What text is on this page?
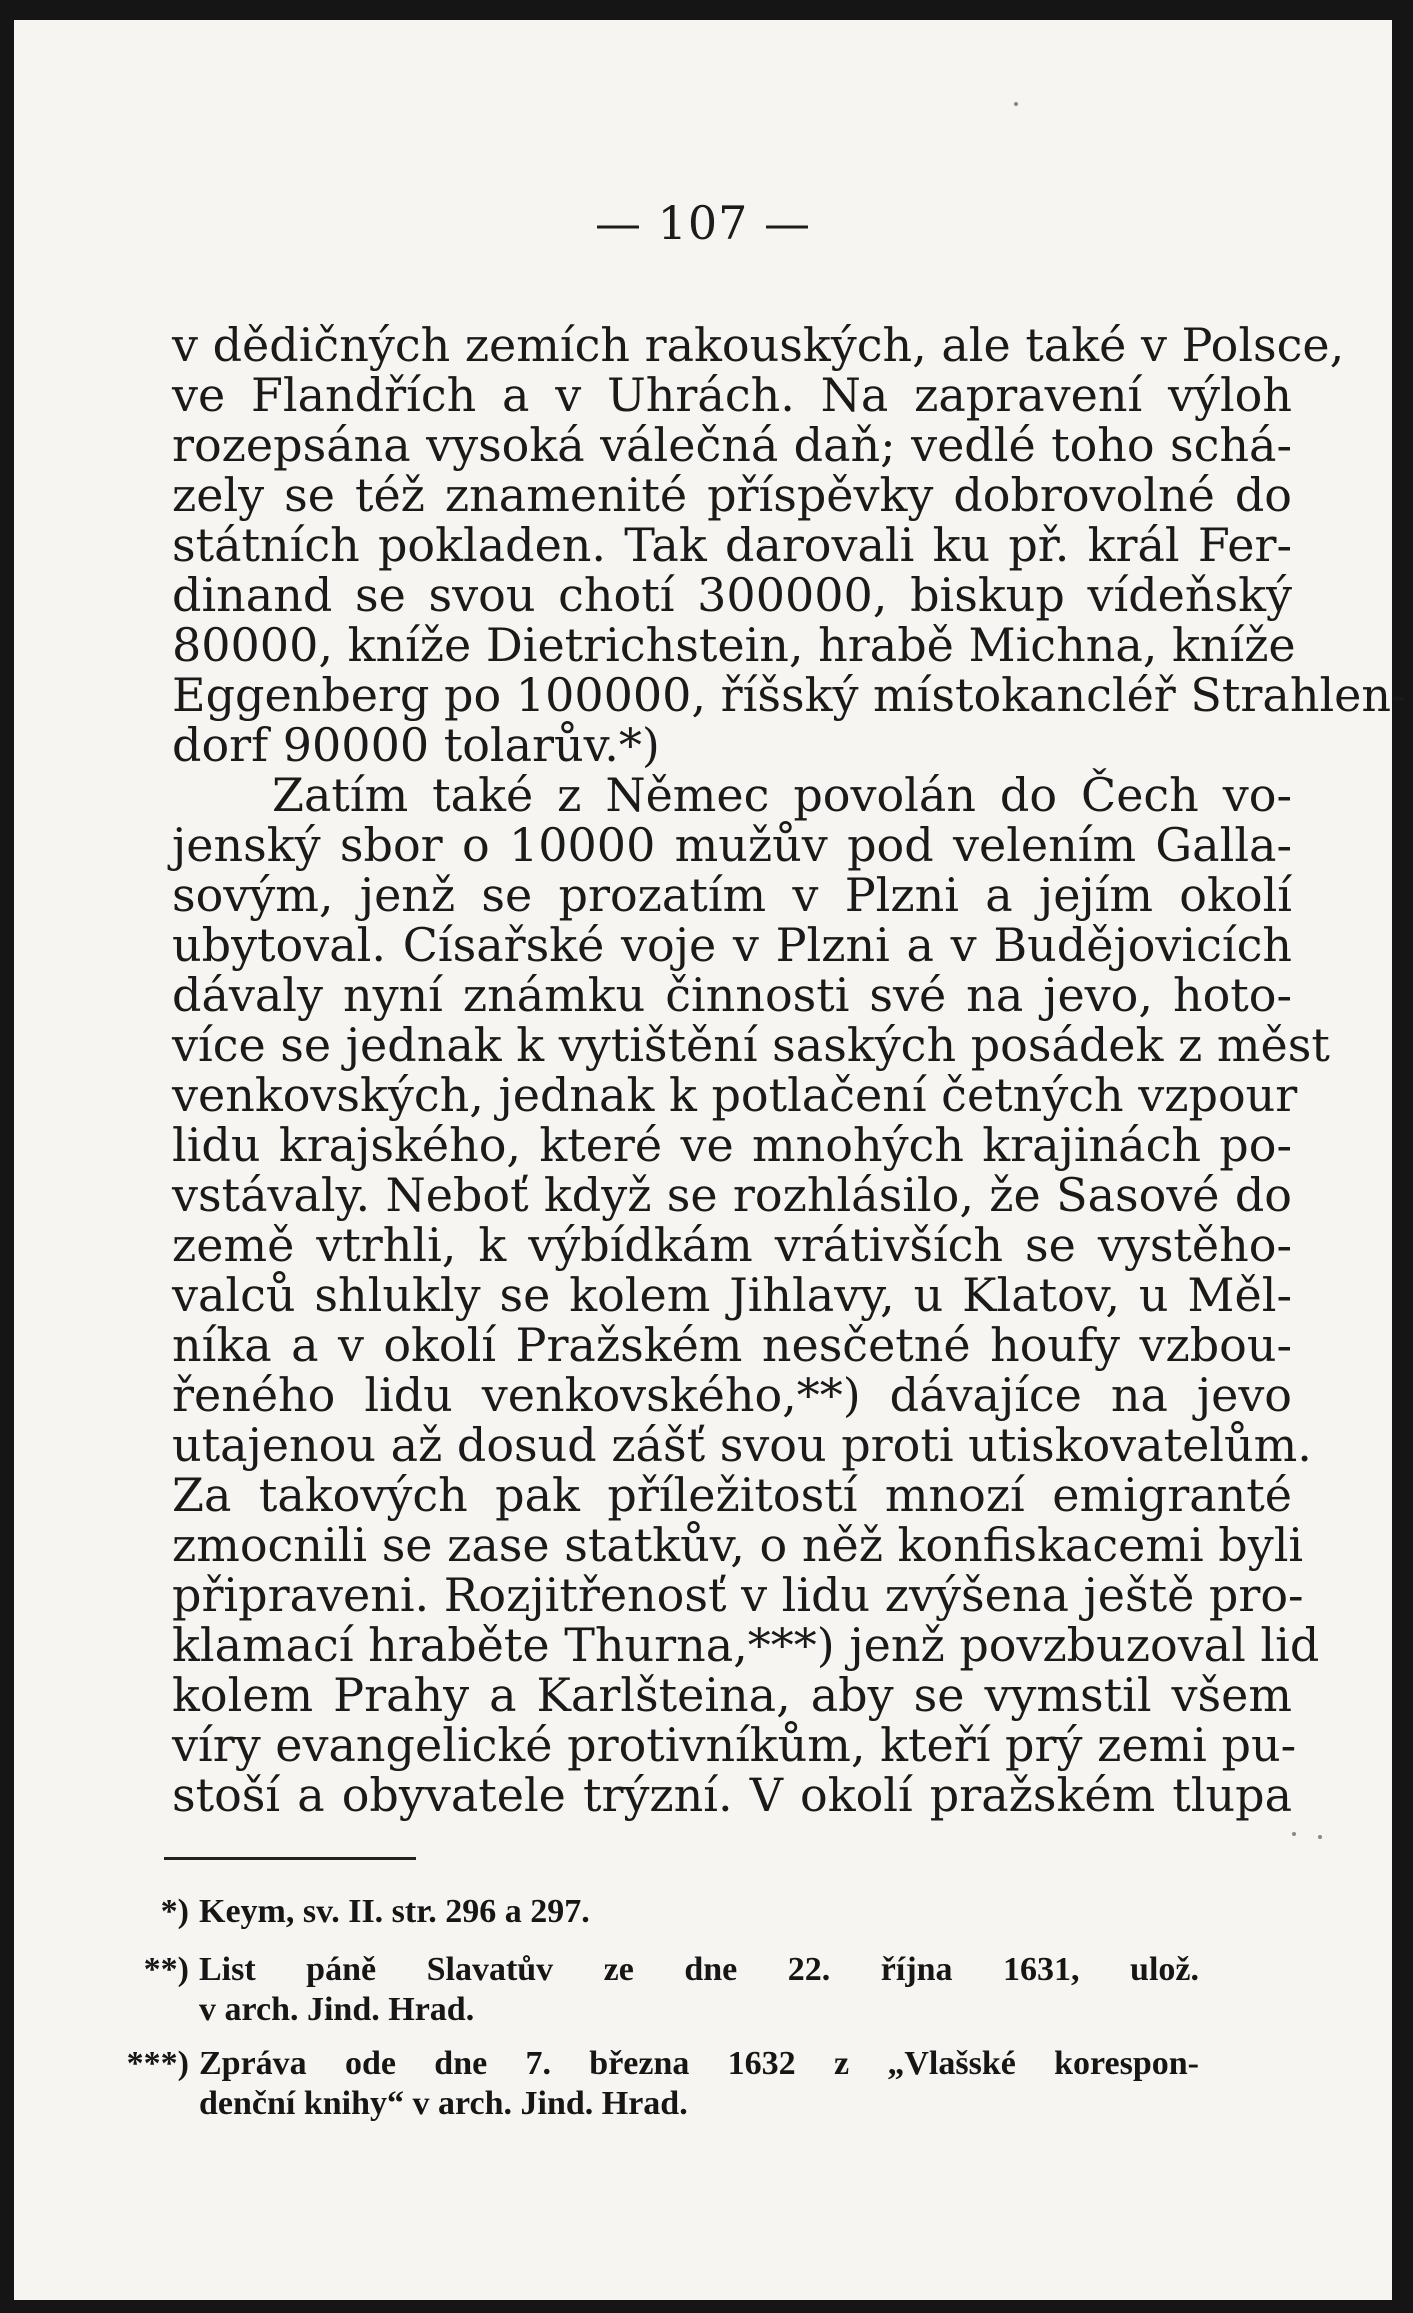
— 107 —
v dědičných zemích rakouských, ale také v Polsce,
ve Flandřích a v Uhrách. Na zapravení výloh
rozepsána vysoká válečná daň; vedlé toho schá-
zely se též znamenité příspěvky dobrovolné do
státních pokladen. Tak darovali ku př. král Fer-
dinand se svou chotí 300000, biskup vídeňský
80000, kníže Dietrichstein, hrabě Michna, kníže
Eggenberg po 100000, říšský místokancléř Strahlen-
dorf 90000 tolarův.*)
Zatím také z Němec povolán do Čech vo-
jenský sbor o 10000 mužův pod velením Galla-
sovým, jenž se prozatím v Plzni a jejím okolí
ubytoval. Císařské voje v Plzni a v Budějovicích
dávaly nyní známku činnosti své na jevo, hoto-
více se jednak k vytištění saských posádek z měst
venkovských, jednak k potlačení četných vzpour
lidu krajského, které ve mnohých krajinách po-
vstávaly. Neboť když se rozhlásilo, že Sasové do
země vtrhli, k výbídkám vrátivších se vystěho-
valců shlukly se kolem Jihlavy, u Klatov, u Měl-
níka a v okolí Pražském nesčetné houfy vzbou-
řeného lidu venkovského,**) dávajíce na jevo
utajenou až dosud zášť svou proti utiskovatelům.
Za takových pak příležitostí mnozí emigranté
zmocnili se zase statkův, o něž konfiskacemi byli
připraveni. Rozjitřenosť v lidu zvýšena ještě pro-
klamací hraběte Thurna,***) jenž povzbuzoval lid
kolem Prahy a Karlšteina, aby se vymstil všem
víry evangelické protivníkům, kteří prý zemi pu-
stoší a obyvatele trýzní. V okolí pražském tlupa
*) Keym, sv. II. str. 296 a 297.
**) List páně Slavatův ze dne 22. října 1631, ulož.
v arch. Jind. Hrad.
***) Zpráva ode dne 7. března 1632 z „Vlašské korespon-
denční knihy“ v arch. Jind. Hrad.
